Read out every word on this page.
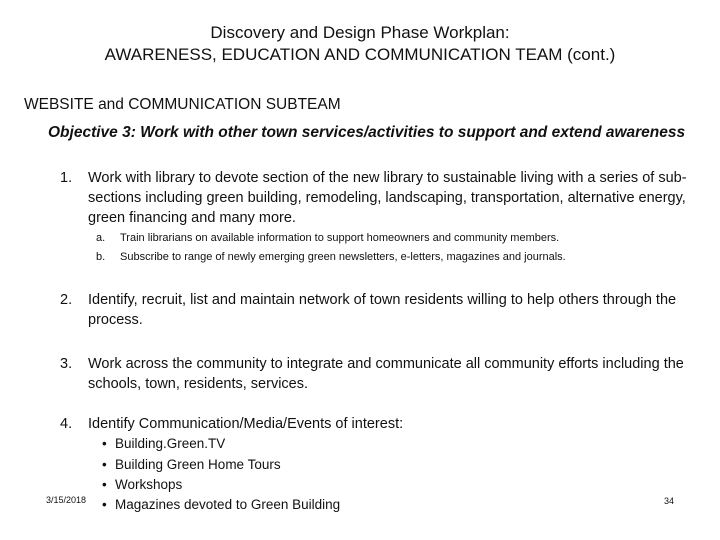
Discovery and Design Phase Workplan:
AWARENESS, EDUCATION AND COMMUNICATION TEAM (cont.)
WEBSITE and COMMUNICATION SUBTEAM
Objective 3: Work with other town services/activities to support and extend awareness
1. Work with library to devote section of the new library to sustainable living with a series of sub-sections including green building, remodeling, landscaping, transportation, alternative energy, green financing and many more.
a. Train librarians on available information to support homeowners and community members.
b. Subscribe to range of newly emerging green newsletters, e-letters, magazines and journals.
2. Identify, recruit, list and maintain network of town residents willing to help others through the process.
3. Work across the community to integrate and communicate all community efforts including the schools, town, residents, services.
4. Identify Communication/Media/Events of interest:
• Building.Green.TV
• Building Green Home Tours
• Workshops
• Magazines devoted to Green Building
3/15/2018	34
